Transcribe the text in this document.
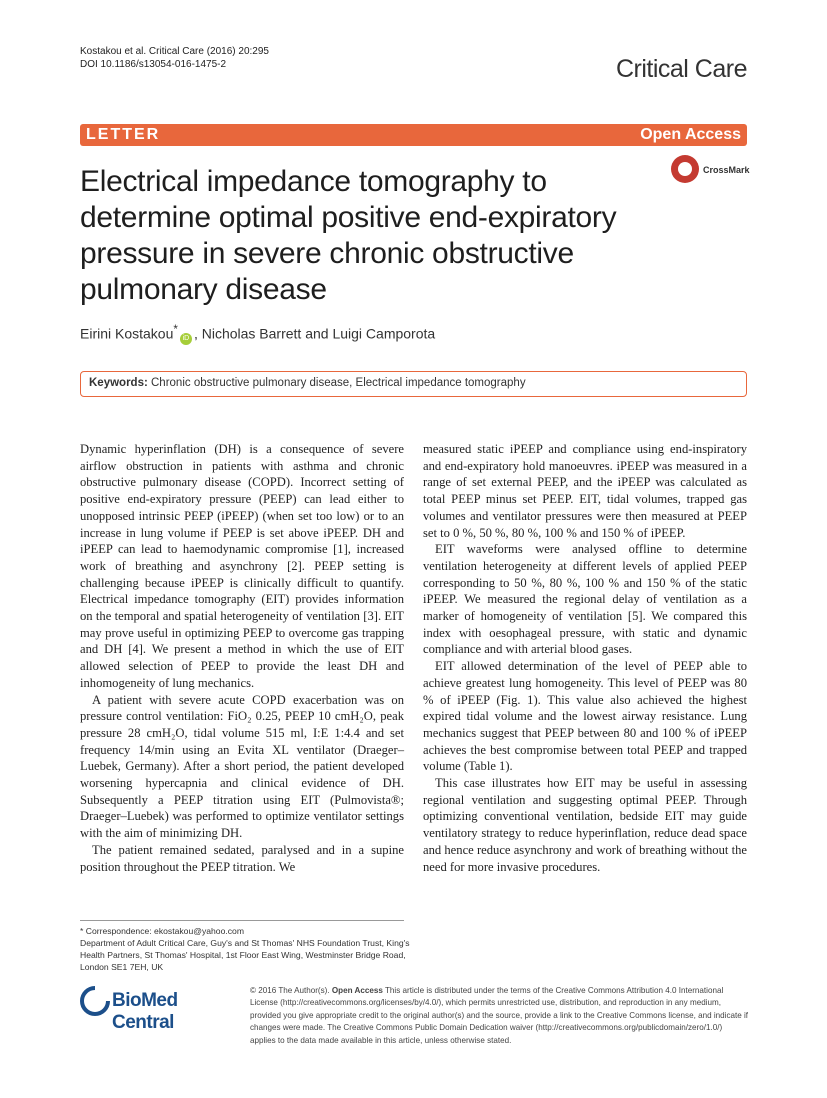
Kostakou et al. Critical Care (2016) 20:295
DOI 10.1186/s13054-016-1475-2	Critical Care
LETTER	Open Access
Electrical impedance tomography to determine optimal positive end-expiratory pressure in severe chronic obstructive pulmonary disease
CrossMark
Eirini Kostakou*iD , Nicholas Barrett and Luigi Camporota
Keywords: Chronic obstructive pulmonary disease, Electrical impedance tomography

Dynamic hyperinflation (DH) is a consequence of severe airflow obstruction in patients with asthma and chronic obstructive pulmonary disease (COPD). Incorrect setting of positive end-expiratory pressure (PEEP) can lead either to unopposed intrinsic PEEP (iPEEP) (when set too low) or to an increase in lung volume if PEEP is set above iPEEP. DH and iPEEP can lead to haemodynamic compromise [1], increased work of breathing and asynchrony [2]. PEEP setting is challenging because iPEEP is clinically difficult to quantify. Electrical impedance tomography (EIT) provides information on the temporal and spatial heterogeneity of ventilation [3]. EIT may prove useful in optimizing PEEP to overcome gas trapping and DH [4]. We present a method in which the use of EIT allowed selection of PEEP to provide the least DH and inhomogeneity of lung mechanics.

A patient with severe acute COPD exacerbation was on pressure control ventilation: FiO₂ 0.25, PEEP 10 cmH₂O, peak pressure 28 cmH₂O, tidal volume 515 ml, I:E 1:4.4 and set frequency 14/min using an Evita XL ventilator (Draeger–Luebek, Germany). After a short period, the patient developed worsening hypercapnia and clinical evidence of DH. Subsequently a PEEP titration using EIT (Pulmovista®; Draeger–Luebek) was performed to optimize ventilator settings with the aim of minimizing DH.

The patient remained sedated, paralysed and in a supine position throughout the PEEP titration. We

measured static iPEEP and compliance using end-inspiratory and end-expiratory hold manoeuvres. iPEEP was measured in a range of set external PEEP, and the iPEEP was calculated as total PEEP minus set PEEP. EIT, tidal volumes, trapped gas volumes and ventilator pressures were then measured at PEEP set to 0 %, 50 %, 80 %, 100 % and 150 % of iPEEP.

EIT waveforms were analysed offline to determine ventilation heterogeneity at different levels of applied PEEP corresponding to 50 %, 80 %, 100 % and 150 % of the static iPEEP. We measured the regional delay of ventilation as a marker of homogeneity of ventilation [5]. We compared this index with oesophageal pressure, with static and dynamic compliance and with arterial blood gases.

EIT allowed determination of the level of PEEP able to achieve greatest lung homogeneity. This level of PEEP was 80 % of iPEEP (Fig. 1). This value also achieved the highest expired tidal volume and the lowest airway resistance. Lung mechanics suggest that PEEP between 80 and 100 % of iPEEP achieves the best compromise between total PEEP and trapped volume (Table 1).

This case illustrates how EIT may be useful in assessing regional ventilation and suggesting optimal PEEP. Through optimizing conventional ventilation, bedside EIT may guide ventilatory strategy to reduce hyperinflation, reduce dead space and hence reduce asynchrony and work of breathing without the need for more invasive procedures.

* Correspondence: ekostakou@yahoo.com
Department of Adult Critical Care, Guy's and St Thomas' NHS Foundation Trust, King's Health Partners, St Thomas' Hospital, 1st Floor East Wing, Westminster Bridge Road, London SE1 7EH, UK
BioMed Central
© 2016 The Author(s). Open Access This article is distributed under the terms of the Creative Commons Attribution 4.0 International License (http://creativecommons.org/licenses/by/4.0/), which permits unrestricted use, distribution, and reproduction in any medium, provided you give appropriate credit to the original author(s) and the source, provide a link to the Creative Commons license, and indicate if changes were made. The Creative Commons Public Domain Dedication waiver (http://creativecommons.org/publicdomain/zero/1.0/) applies to the data made available in this article, unless otherwise stated.
